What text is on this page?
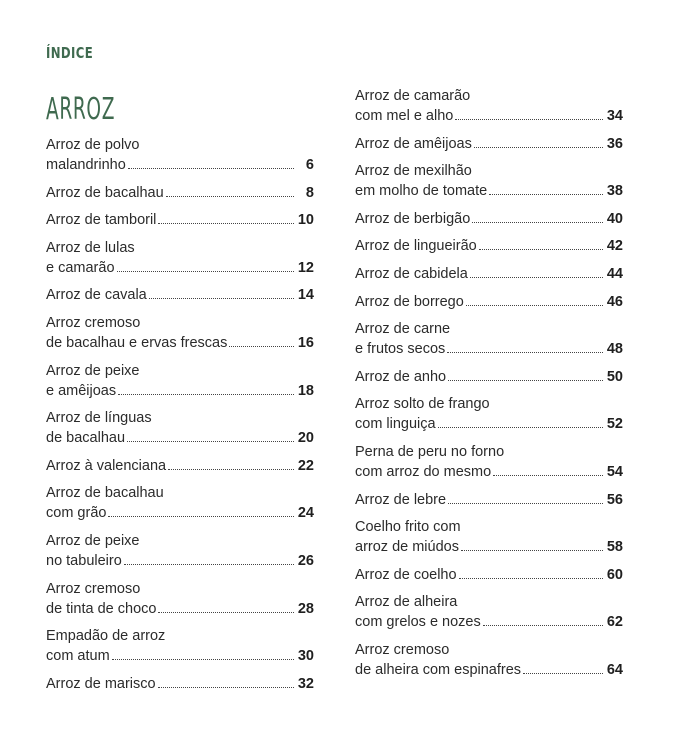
ÍNDICE
ARROZ
Arroz de polvo
malandrinho	6
Arroz de bacalhau	8
Arroz de tamboril	10
Arroz de lulas
e camarão	12
Arroz de cavala	14
Arroz cremoso
de bacalhau e ervas frescas	16
Arroz de peixe
e amêijoas	18
Arroz de línguas
de bacalhau	20
Arroz à valenciana	22
Arroz de bacalhau
com grão	24
Arroz de peixe
no tabuleiro	26
Arroz cremoso
de tinta de choco	28
Empadão de arroz
com atum	30
Arroz de marisco	32
Arroz de camarão
com mel e alho	34
Arroz de amêijoas	36
Arroz de mexilhão
em molho de tomate	38
Arroz de berbigão	40
Arroz de lingueirão	42
Arroz de cabidela	44
Arroz de borrego	46
Arroz de carne
e frutos secos	48
Arroz de anho	50
Arroz solto de frango
com linguiça	52
Perna de peru no forno
com arroz do mesmo	54
Arroz de lebre	56
Coelho frito com
arroz de miúdos	58
Arroz de coelho	60
Arroz de alheira
com grelos e nozes	62
Arroz cremoso
de alheira com espinafres	64
